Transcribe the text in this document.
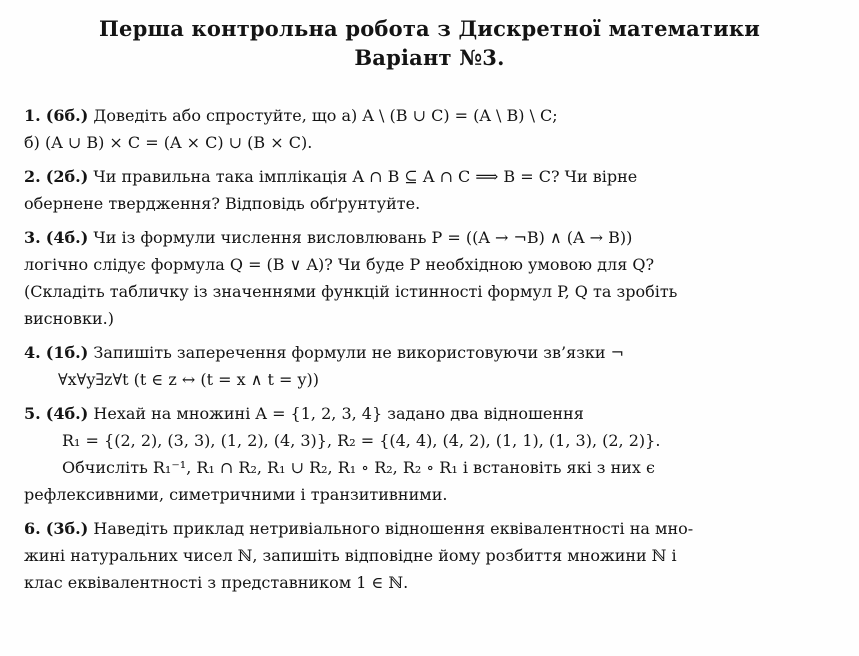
Перша контрольна робота з Дискретної математики
Варіант №3.
1. (6б.) Доведіть або спростуйте, що а) A \ (B ∪ C) = (A \ B) \ C;
б) (A ∪ B) × C = (A × C) ∪ (B × C).
2. (2б.) Чи правильна така імплікація A ∩ B ⊆ A ∩ C ⟹ B = C? Чи вірне
обернене твердження? Відповідь обґрунтуйте.
3. (4б.) Чи із формули числення висловлювань P = ((A → ¬B) ∧ (A → B))
логічно слідує формула Q = (B ∨ A)? Чи буде P необхідною умовою для Q?
(Складіть табличку із значеннями функцій істинності формул P, Q та зробіть
висновки.)
4. (1б.) Запишіть заперечення формули не використовуючи зв’язки ¬
∀x∀y∃z∀t (t ∈ z ↔ (t = x ∧ t = y))
5. (4б.) Нехай на множині A = {1, 2, 3, 4} задано два відношення
R₁ = {(2, 2), (3, 3), (1, 2), (4, 3)}, R₂ = {(4, 4), (4, 2), (1, 1), (1, 3), (2, 2)}.
Обчисліть R₁⁻¹, R₁ ∩ R₂, R₁ ∪ R₂, R₁ ∘ R₂, R₂ ∘ R₁ і встановіть які з них є
рефлексивними, симетричними і транзитивними.
6. (3б.) Наведіть приклад нетривіального відношення еквівалентності на мно-
жині натуральних чисел ℕ, запишіть відповідне йому розбиття множини ℕ і
клас еквівалентності з представником 1 ∈ ℕ.
